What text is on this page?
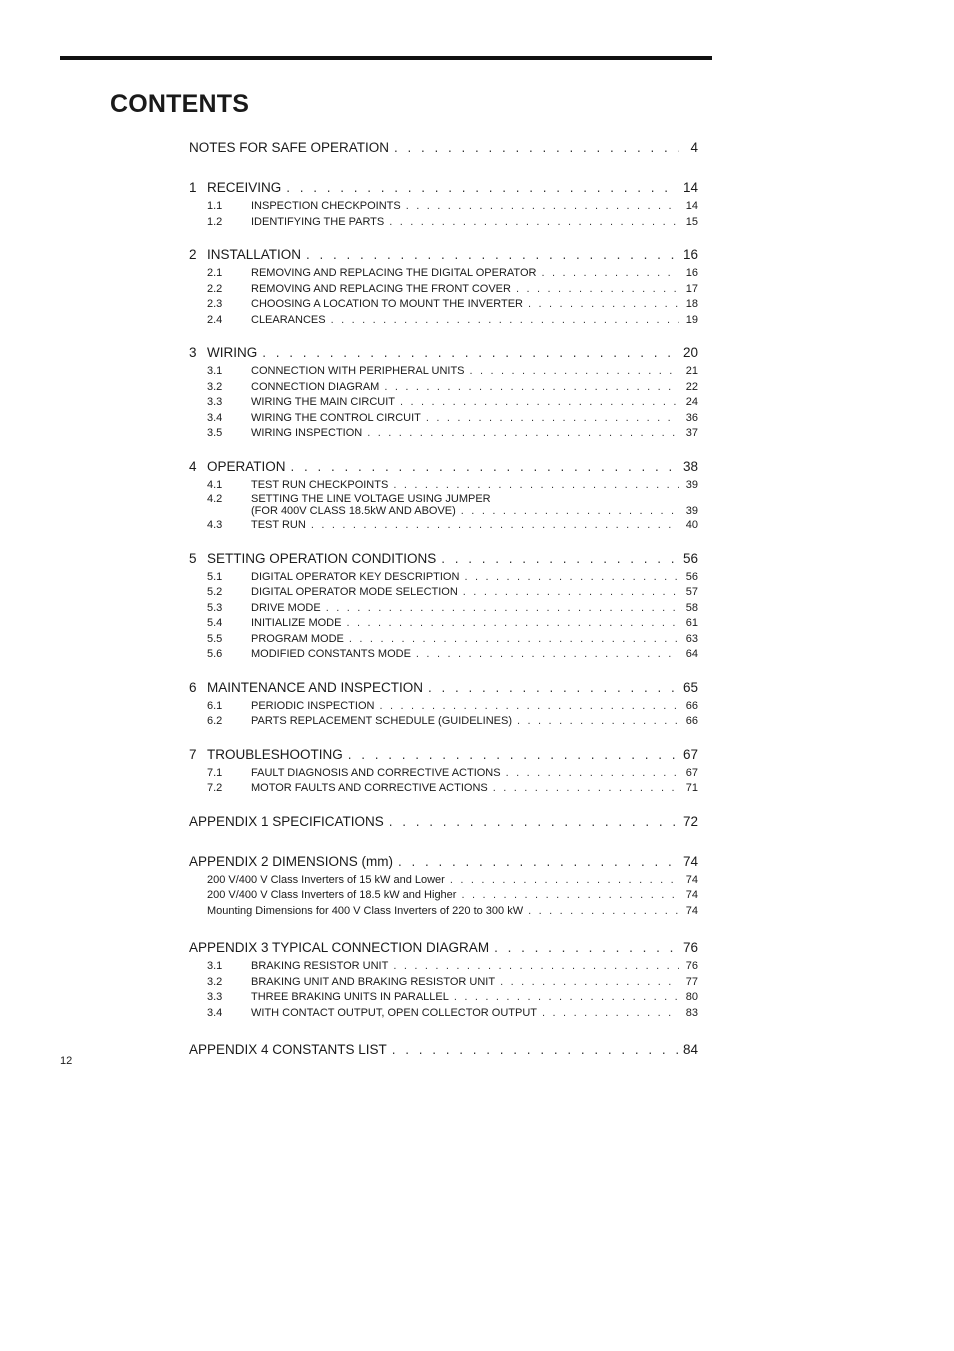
CONTENTS
NOTES FOR SAFE OPERATION . . .	4
1 RECEIVING . . .	14
1.1	INSPECTION CHECKPOINTS . . .	14
1.2	IDENTIFYING THE PARTS . . .	15
2 INSTALLATION . . .	16
2.1	REMOVING AND REPLACING THE DIGITAL OPERATOR . . .	16
2.2	REMOVING AND REPLACING THE FRONT COVER . . .	17
2.3	CHOOSING A LOCATION TO MOUNT THE INVERTER . . .	18
2.4	CLEARANCES . . .	19
3 WIRING . . .	20
3.1	CONNECTION WITH PERIPHERAL UNITS . . .	21
3.2	CONNECTION DIAGRAM . . .	22
3.3	WIRING THE MAIN CIRCUIT . . .	24
3.4	WIRING THE CONTROL CIRCUIT . . .	36
3.5	WIRING INSPECTION . . .	37
4 OPERATION . . .	38
4.1	TEST RUN CHECKPOINTS . . .	39
4.2	SETTING THE LINE VOLTAGE USING JUMPER
(FOR 400V CLASS 18.5kW AND ABOVE) . . .	39
4.3	TEST RUN . . .	40
5 SETTING OPERATION CONDITIONS . . .	56
5.1	DIGITAL OPERATOR KEY DESCRIPTION . . .	56
5.2	DIGITAL OPERATOR MODE SELECTION . . .	57
5.3	DRIVE MODE . . .	58
5.4	INITIALIZE MODE . . .	61
5.5	PROGRAM MODE . . .	63
5.6	MODIFIED CONSTANTS MODE . . .	64
6 MAINTENANCE AND INSPECTION . . .	65
6.1	PERIODIC INSPECTION . . .	66
6.2	PARTS REPLACEMENT SCHEDULE (GUIDELINES) . . .	66
7 TROUBLESHOOTING . . .	67
7.1	FAULT DIAGNOSIS AND CORRECTIVE ACTIONS . . .	67
7.2	MOTOR FAULTS AND CORRECTIVE ACTIONS . . .	71
APPENDIX 1 SPECIFICATIONS . . .	72
APPENDIX 2 DIMENSIONS (mm) . . .	74
200 V/400 V Class Inverters of 15 kW and Lower . . .	74
200 V/400 V Class Inverters of 18.5 kW and Higher . . .	74
Mounting Dimensions for 400 V Class Inverters of 220 to 300 kW . . .	74
APPENDIX 3 TYPICAL CONNECTION DIAGRAM . . .	76
3.1	BRAKING RESISTOR UNIT . . .	76
3.2	BRAKING UNIT AND BRAKING RESISTOR UNIT . . .	77
3.3	THREE BRAKING UNITS IN PARALLEL . . .	80
3.4	WITH CONTACT OUTPUT, OPEN COLLECTOR OUTPUT . . .	83
APPENDIX 4 CONSTANTS LIST . . .	84
12
